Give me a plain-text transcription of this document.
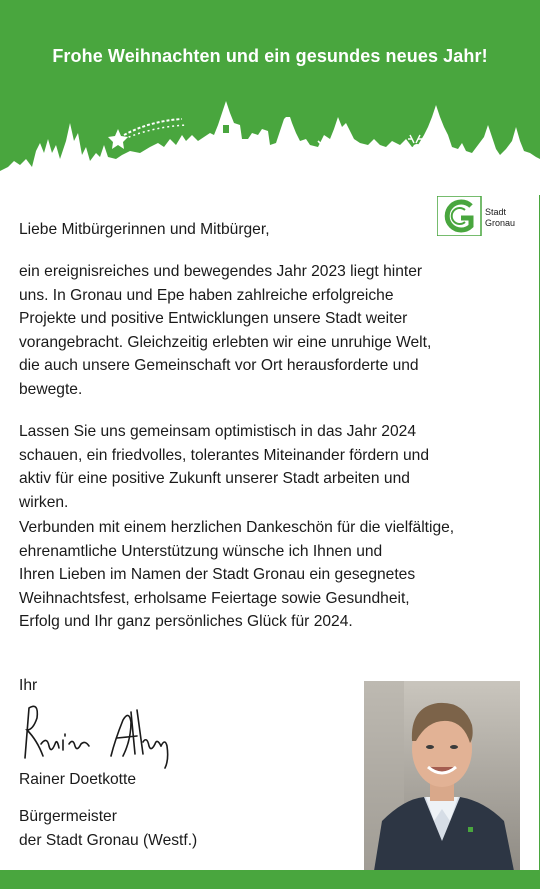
Frohe Weihnachten und ein gesundes neues Jahr!
Stadt
Gronau
Liebe Mitbürgerinnen und Mitbürger,
ein ereignisreiches und bewegendes Jahr 2023 liegt hinter
uns. In Gronau und Epe haben zahlreiche erfolgreiche
Projekte und positive Entwicklungen unsere Stadt weiter
vorangebracht. Gleichzeitig erlebten wir eine unruhige Welt,
die auch unsere Gemeinschaft vor Ort herausforderte und
bewegte.
Lassen Sie uns gemeinsam optimistisch in das Jahr 2024
schauen, ein friedvolles, tolerantes Miteinander fördern und
aktiv für eine positive Zukunft unserer Stadt arbeiten und
wirken.
Verbunden mit einem herzlichen Dankeschön für die vielfältige,
ehrenamtliche Unterstützung wünsche ich Ihnen und
Ihren Lieben im Namen der Stadt Gronau ein gesegnetes
Weihnachtsfest, erholsame Feiertage sowie Gesundheit,
Erfolg und Ihr ganz persönliches Glück für 2024.
Ihr
Rainer Doetkotte
Bürgermeister
der Stadt Gronau (Westf.)
